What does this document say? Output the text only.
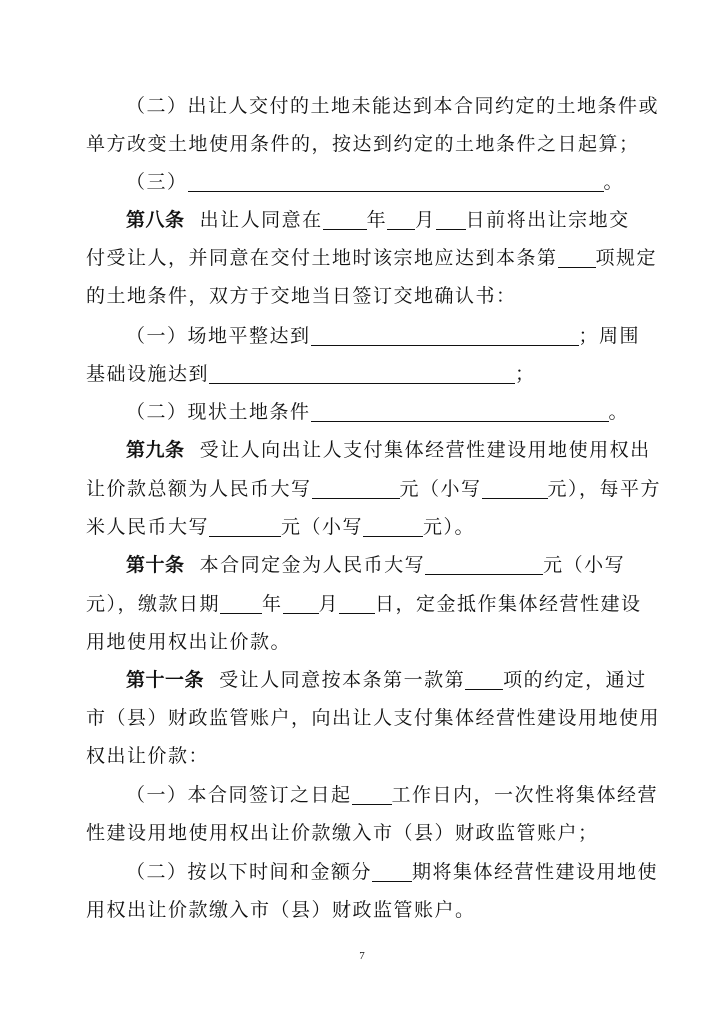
（二）出让人交付的土地未能达到本合同约定的土地条件或
单方改变土地使用条件的，按达到约定的土地条件之日起算；
（三）	。
第八条 出让人同意在 年 月 日前将出让宗地交
付受让人，并同意在交付土地时该宗地应达到本条第 项规定
的土地条件，双方于交地当日签订交地确认书：
（一）场地平整达到	；周围
基础设施达到	；
（二）现状土地条件	。
第九条 受让人向出让人支付集体经营性建设用地使用权出
让价款总额为人民币大写	元（小写	元），每平方
米人民币大写	元（小写	元）。
第十条 本合同定金为人民币大写	元（小写
元），缴款日期 年 月 日，定金抵作集体经营性建设
用地使用权出让价款。
第十一条 受让人同意按本条第一款第 项的约定，通过
市（县）财政监管账户，向出让人支付集体经营性建设用地使用
权出让价款：
（一）本合同签订之日起 工作日内，一次性将集体经营
性建设用地使用权出让价款缴入市（县）财政监管账户；
（二）按以下时间和金额分 期将集体经营性建设用地使
用权出让价款缴入市（县）财政监管账户。
7
